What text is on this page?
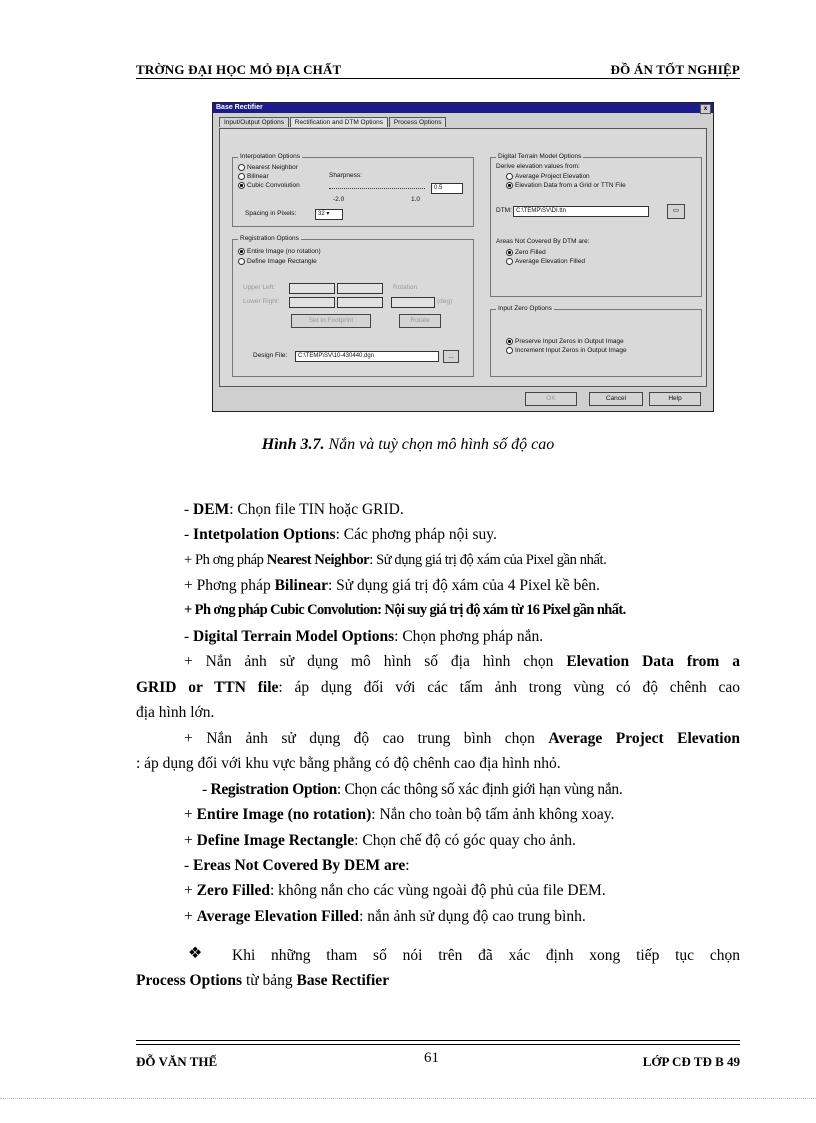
TRỜNG ĐẠI HỌC MỎ ĐỊA CHẤT	ĐỒ ÁN TỐT NGHIỆP
Base Rectifier	x
Input/Output Options Rectification and DTM Options Process Options
Interpolation Options
Nearest Neighbor
Bilinear
Cubic Convolution
Sharpness:
-2.0	1.0
0.5
Spacing in Pixels:	32 ▾
Registration Options
Entire Image (no rotation)
Define Image Rectangle
Upper Left:	Rotation
Lower Right:	(deg)
Set to Footprint	Rotate
Design File:	C:\TEMP\SV\10-430440.dgn	...
Digital Terrain Model Options
Derive elevation values from:
Average Project Elevation
Elevation Data from a Grid or TTN File
DTM: C:\TEMP\SV\DI.ttn	▭
Areas Not Covered By DTM are:
Zero Filled
Average Elevation Filled
Input Zero Options
Preserve Input Zeros in Output Image
Increment Input Zeros in Output Image
OK	Cancel	Help
Hình 3.7. Nắn và tuỳ chọn mô hình số độ cao
- DEM: Chọn file TIN hoặc GRID.
- Intetpolation Options: Các phơng pháp nội suy.
+ Ph ơng pháp Nearest Neighbor: Sử dụng giá trị độ xám của Pixel gần nhất.
+ Phơng pháp Bilinear: Sử dụng giá trị độ xám của 4 Pixel kề bên.
+ Ph ơng pháp Cubic Convolution: Nội suy giá trị độ xám từ 16 Pixel gần nhất.
- Digital Terrain Model Options: Chọn phơng pháp nắn.
+ Nắn ảnh sử dụng mô hình số địa hình chọn Elevation Data from a
GRID or TTN file: áp dụng đối với các tấm ảnh trong vùng có độ chênh cao
địa hình lớn.
+ Nắn ảnh sử dụng độ cao trung bình chọn Average Project Elevation
: áp dụng đối với khu vực bằng phẳng có độ chênh cao địa hình nhỏ.
- Registration Option: Chọn các thông số xác định giới hạn vùng nắn.
+ Entire Image (no rotation): Nắn cho toàn bộ tấm ảnh không xoay.
+ Define Image Rectangle: Chọn chế độ có góc quay cho ảnh.
- Ereas Not Covered By DEM are:
+ Zero Filled: không nắn cho các vùng ngoài độ phủ của file DEM.
+ Average Elevation Filled: nắn ảnh sử dụng độ cao trung bình.
❖ Khi những tham số nói trên đã xác định xong tiếp tục chọn
Process Options từ bảng Base Rectifier
ĐỖ VĂN THẾ	61	LỚP CĐ TĐ B 49
